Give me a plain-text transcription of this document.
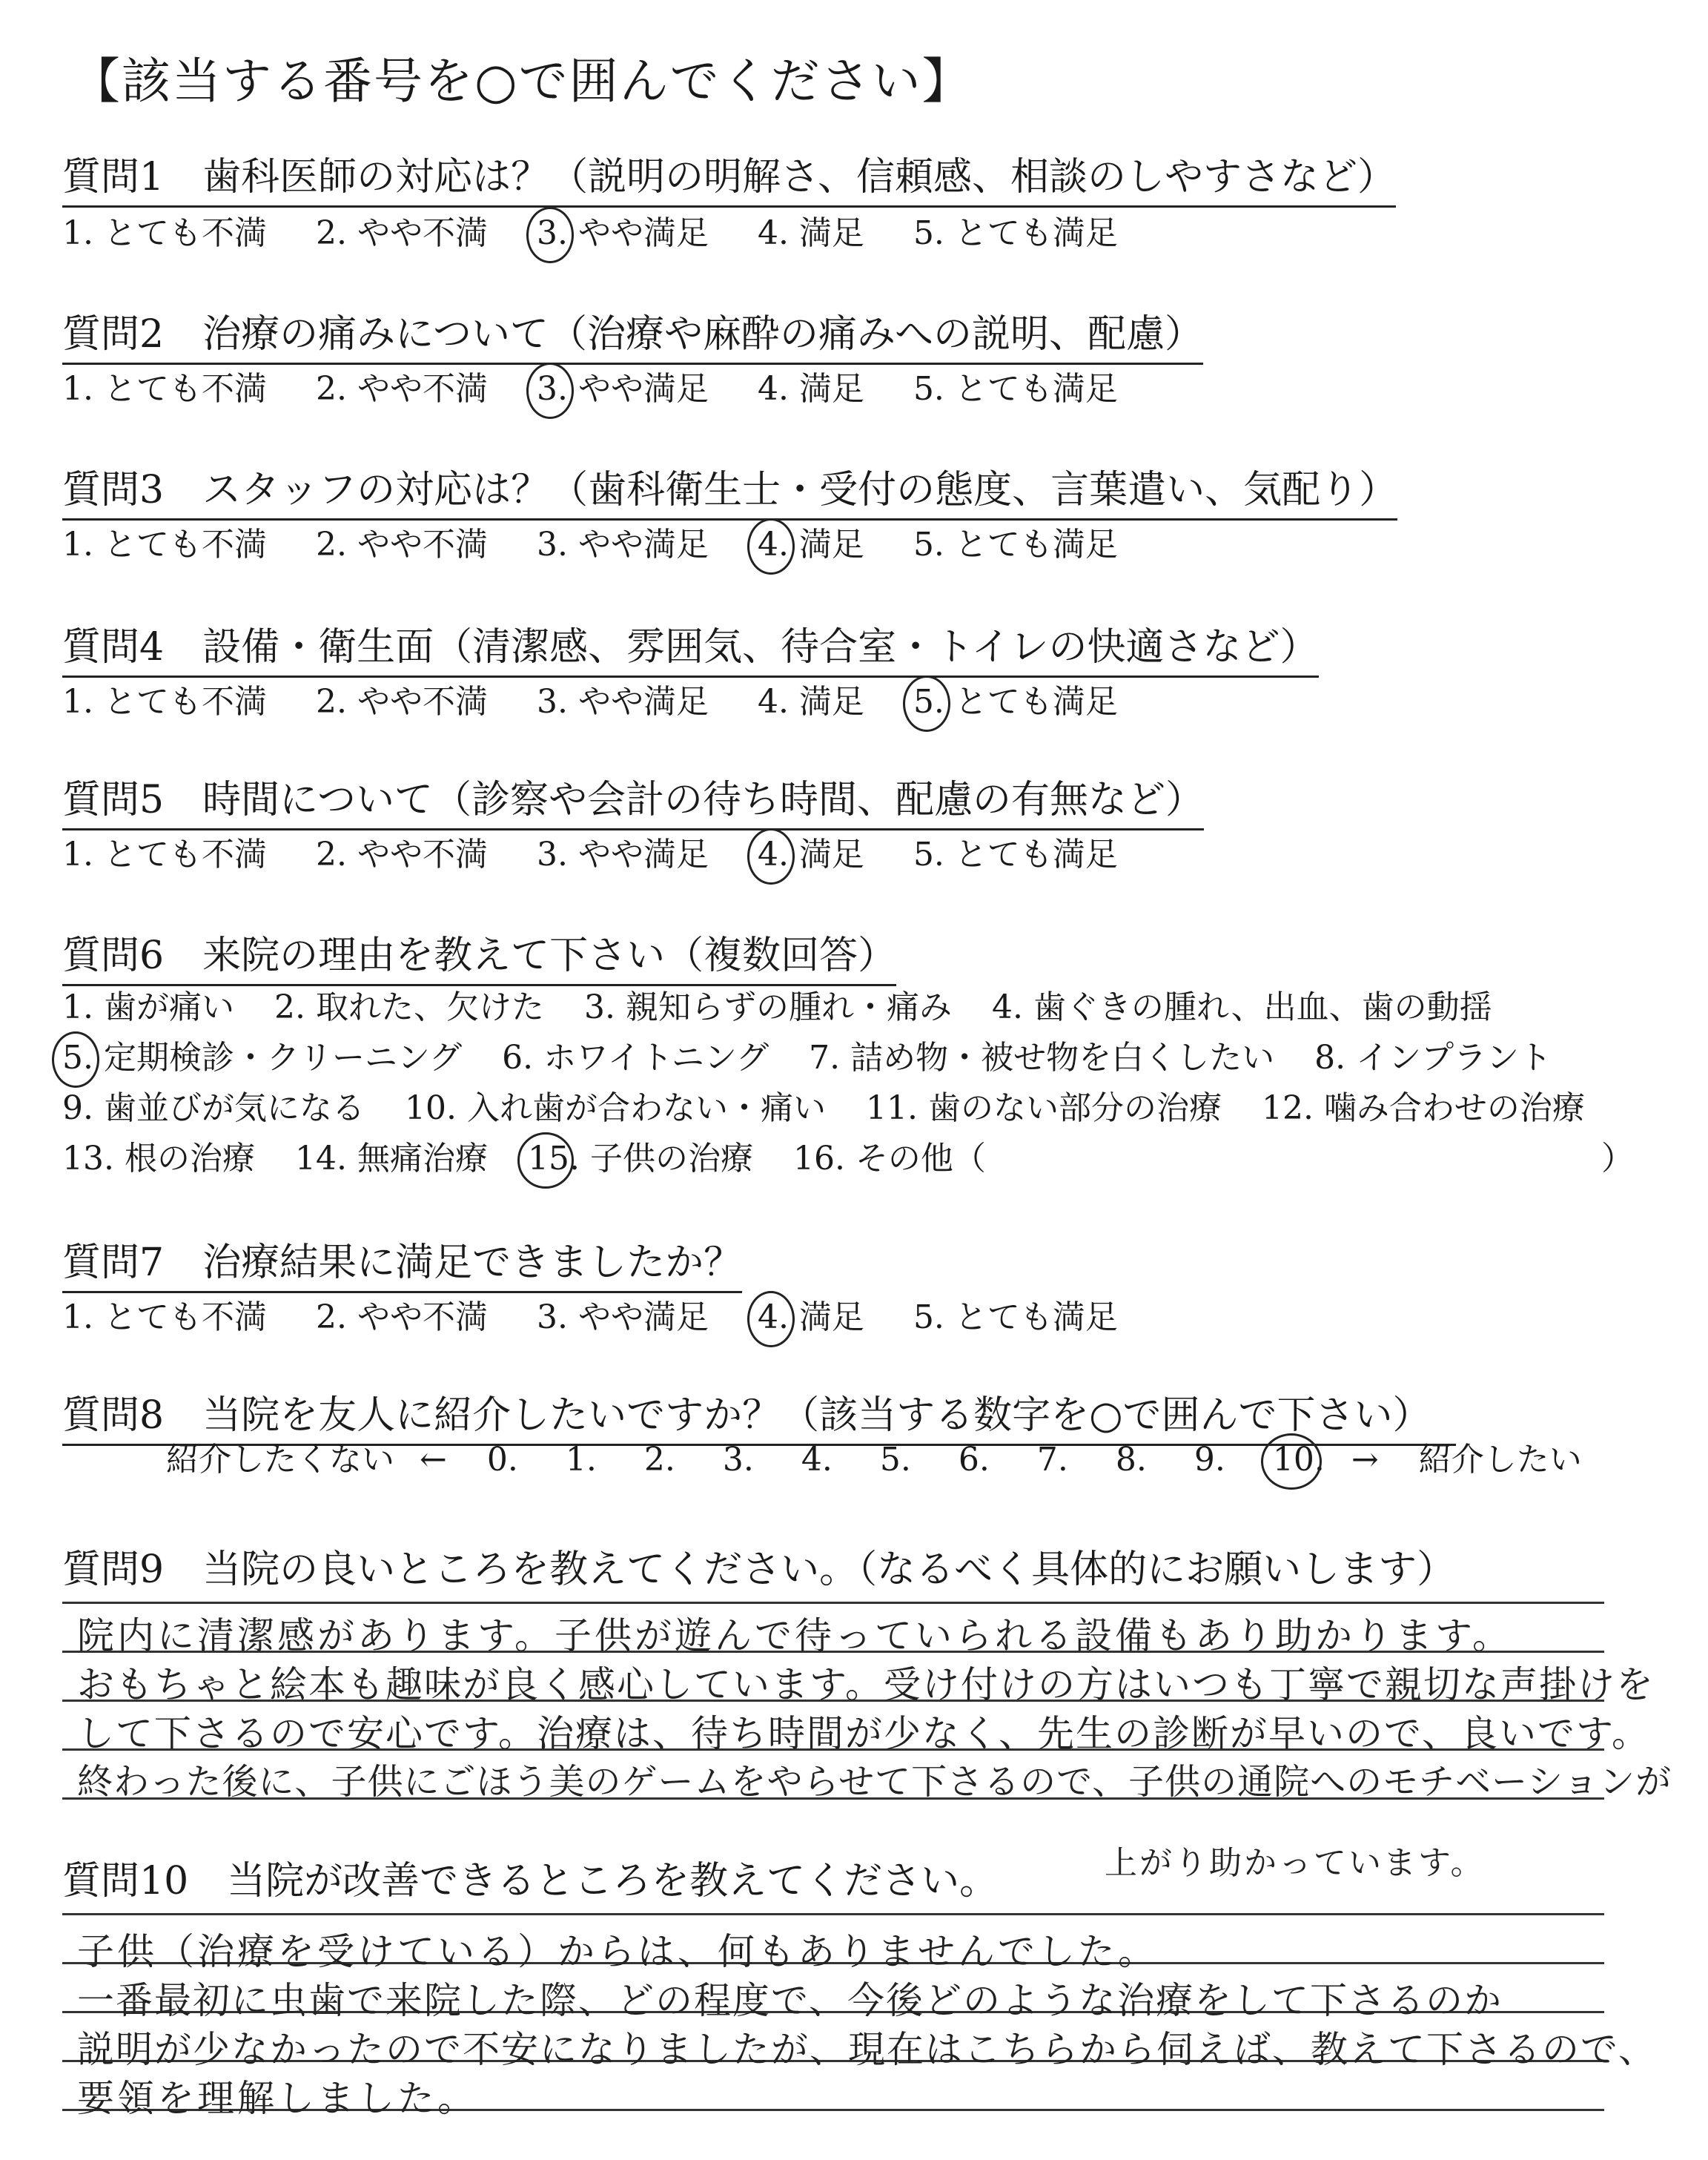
【該当する番号を○で囲んでください】
質問1　歯科医師の対応は？（説明の明解さ、信頼感、相談のしやすさなど）
1. とても不満 2. やや不満 3. やや満足 4. 満足 5. とても満足
質問2　治療の痛みについて（治療や麻酔の痛みへの説明、配慮）
1. とても不満 2. やや不満 3. やや満足 4. 満足 5. とても満足
質問3　スタッフの対応は？（歯科衛生士・受付の態度、言葉遣い、気配り）
1. とても不満 2. やや不満 3. やや満足 4. 満足 5. とても満足
質問4　設備・衛生面（清潔感、雰囲気、待合室・トイレの快適さなど）
1. とても不満 2. やや不満 3. やや満足 4. 満足 5. とても満足
質問5　時間について（診察や会計の待ち時間、配慮の有無など）
1. とても不満 2. やや不満 3. やや満足 4. 満足 5. とても満足
質問6　来院の理由を教えて下さい（複数回答）
1. 歯が痛い 2. 取れた、欠けた 3. 親知らずの腫れ・痛み 4. 歯ぐきの腫れ、出血、歯の動揺
5. 定期検診・クリーニング 6. ホワイトニング 7. 詰め物・被せ物を白くしたい 8. インプラント
9. 歯並びが気になる 10. 入れ歯が合わない・痛い 11. 歯のない部分の治療 12. 噛み合わせの治療
13. 根の治療 14. 無痛治療 15. 子供の治療 16. その他（	）
質問7　治療結果に満足できましたか？
1. とても不満 2. やや不満 3. やや満足 4. 満足 5. とても満足
質問8　当院を友人に紹介したいですか？（該当する数字を○で囲んで下さい）
紹介したくない ← 0. 1. 2. 3. 4. 5. 6. 7. 8. 9. 10. → 紹介したい
質問9　当院の良いところを教えてください。（なるべく具体的にお願いします）
院内に清潔感があります。子供が遊んで待っていられる設備もあり助かります。
おもちゃと絵本も趣味が良く感心しています。受け付けの方はいつも丁寧で親切な声掛けを
して下さるので安心です。治療は、待ち時間が少なく、先生の診断が早いので、良いです。
終わった後に、子供にごほう美のゲームをやらせて下さるので、子供の通院へのモチベーションが
上がり助かっています。
質問10　当院が改善できるところを教えてください。
子供（治療を受けている）からは、何もありませんでした。
一番最初に虫歯で来院した際、どの程度で、今後どのような治療をして下さるのか
説明が少なかったので不安になりましたが、現在はこちらから伺えば、教えて下さるので、
要領を理解しました。
